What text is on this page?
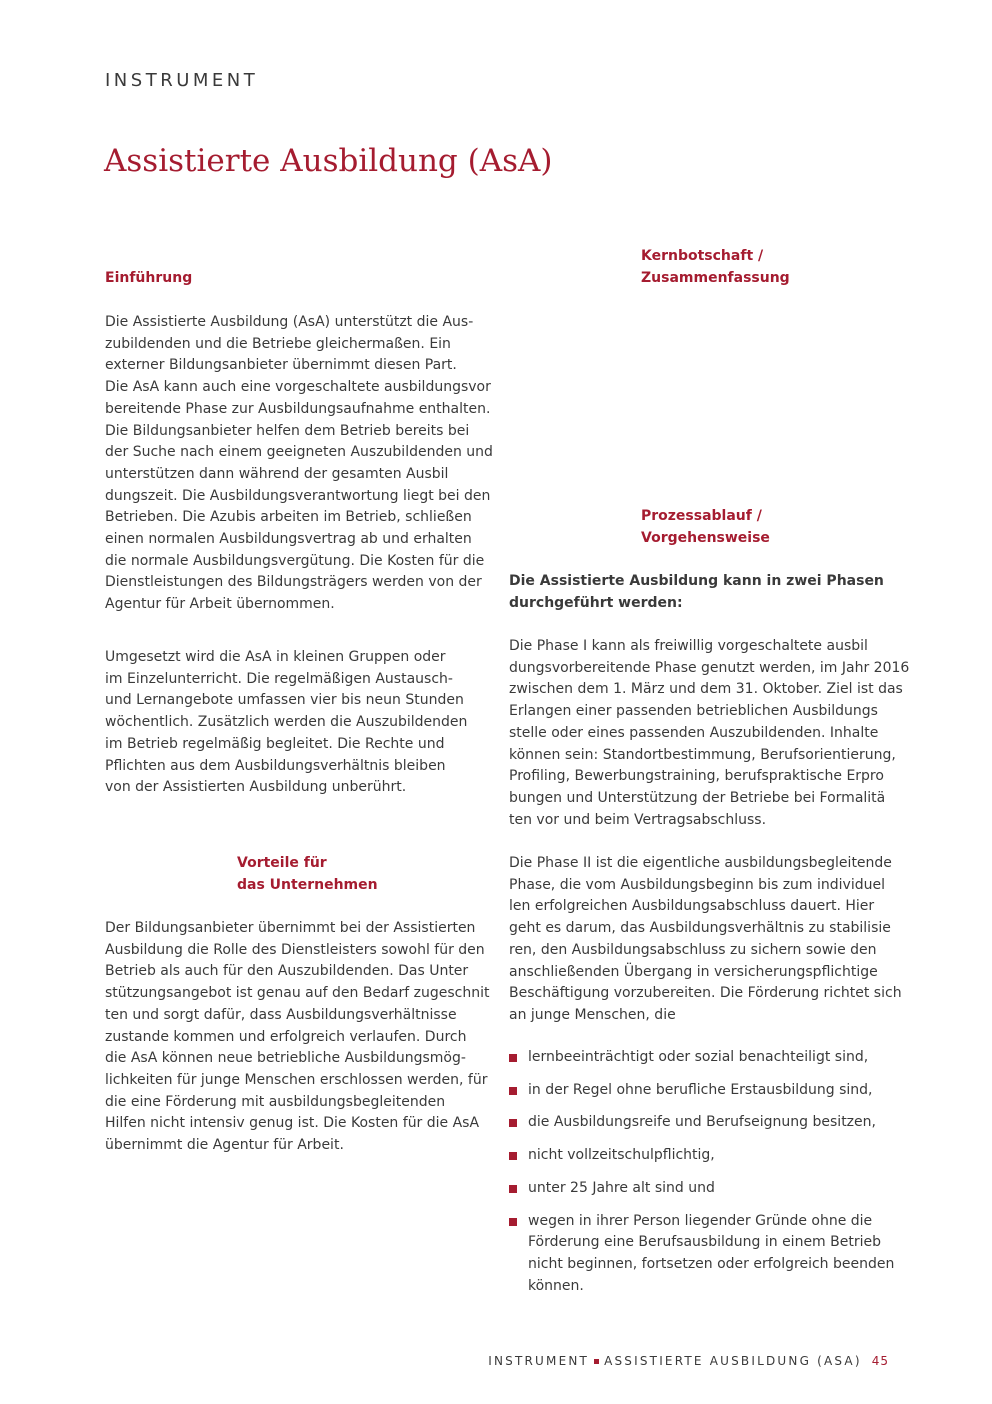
INSTRUMENT
Assistierte Ausbildung (AsA)
Einführung
Die Assistierte Ausbildung (AsA) unterstützt die Aus-
zubildenden und die Betriebe gleichermaßen. Ein
externer Bildungsanbieter übernimmt diesen Part.
Die AsA kann auch eine vorgeschaltete ausbildungsvor
bereitende Phase zur Ausbildungsaufnahme enthalten.
Die Bildungsanbieter helfen dem Betrieb bereits bei
der Suche nach einem geeigneten Auszubildenden und
unterstützen dann während der gesamten Ausbil
dungszeit. Die Ausbildungsverantwortung liegt bei den
Betrieben. Die Azubis arbeiten im Betrieb, schließen
einen normalen Ausbildungsvertrag ab und erhalten
die normale Ausbildungsvergütung. Die Kosten für die
Dienstleistungen des Bildungsträgers werden von der
Agentur für Arbeit übernommen.
Umgesetzt wird die AsA in kleinen Gruppen oder
im Einzelunterricht. Die regelmäßigen Austausch-
und Lernangebote umfassen vier bis neun Stunden
wöchentlich. Zusätzlich werden die Auszubildenden
im Betrieb regelmäßig begleitet. Die Rechte und
Pflichten aus dem Ausbildungsverhältnis bleiben
von der Assistierten Ausbildung unberührt.
Vorteile für
das Unternehmen
Der Bildungsanbieter übernimmt bei der Assistierten
Ausbildung die Rolle des Dienstleisters sowohl für den
Betrieb als auch für den Auszubildenden. Das Unter
stützungsangebot ist genau auf den Bedarf zugeschnit
ten und sorgt dafür, dass Ausbildungsverhältnisse
zustande kommen und erfolgreich verlaufen. Durch
die AsA können neue betriebliche Ausbildungsmög-
lichkeiten für junge Menschen erschlossen werden, für
die eine Förderung mit ausbildungsbegleitenden
Hilfen nicht intensiv genug ist. Die Kosten für die AsA
übernimmt die Agentur für Arbeit.
Kernbotschaft /
Zusammenfassung
Prozessablauf /
Vorgehensweise
Die Assistierte Ausbildung kann in zwei Phasen
durchgeführt werden:
Die Phase I kann als freiwillig vorgeschaltete ausbil
dungsvorbereitende Phase genutzt werden, im Jahr 2016
zwischen dem 1. März und dem 31. Oktober. Ziel ist das
Erlangen einer passenden betrieblichen Ausbildungs
stelle oder eines passenden Auszubildenden. Inhalte
können sein: Standortbestimmung, Berufsorientierung,
Profiling, Bewerbungstraining, berufspraktische Erpro
bungen und Unterstützung der Betriebe bei Formalitä
ten vor und beim Vertragsabschluss.
Die Phase II ist die eigentliche ausbildungsbegleitende
Phase, die vom Ausbildungsbeginn bis zum individuel
len erfolgreichen Ausbildungsabschluss dauert. Hier
geht es darum, das Ausbildungsverhältnis zu stabilisie
ren, den Ausbildungsabschluss zu sichern sowie den
anschließenden Übergang in versicherungspflichtige
Beschäftigung vorzubereiten. Die Förderung richtet sich
an junge Menschen, die
lernbeeinträchtigt oder sozial benachteiligt sind,
in der Regel ohne berufliche Erstausbildung sind,
die Ausbildungsreife und Berufseignung besitzen,
nicht vollzeitschulpflichtig,
unter 25 Jahre alt sind und
wegen in ihrer Person liegender Gründe ohne die
Förderung eine Berufsausbildung in einem Betrieb
nicht beginnen, fortsetzen oder erfolgreich beenden
können.
INSTRUMENT ASSISTIERTE AUSBILDUNG (ASA) 45
